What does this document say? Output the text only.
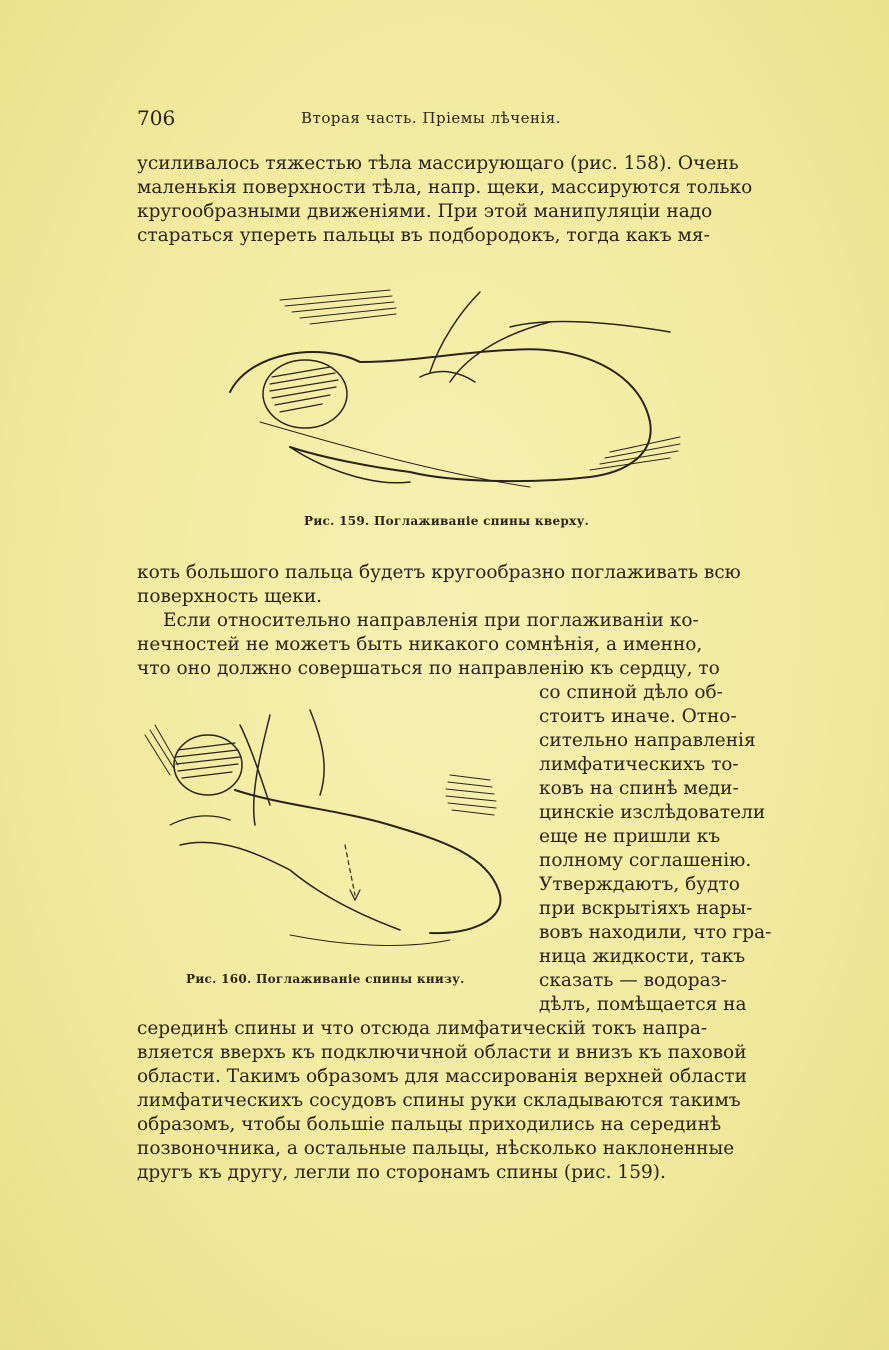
706	Вторая часть. Пріемы лѣченія.

усиливалось тяжестью тѣла массирующаго (рис. 158). Очень

маленькія поверхности тѣла, напр. щеки, массируются только

кругообразными движеніями. При этой манипуляціи надо

стараться упереть пальцы въ подбородокъ, тогда какъ мя-

Рис. 159. Поглаживаніе спины кверху.

коть большого пальца будетъ кругообразно поглаживать всю

поверхность щеки.

Если относительно направленія при поглаживаніи ко-

нечностей не можетъ быть никакого сомнѣнія, а именно,

что оно должно совершаться по направленію къ сердцу, то

Рис. 160. Поглаживаніе спины книзу.

со спиной дѣло об-

стоитъ иначе. Отно-

сительно направленія

лимфатическихъ то-

ковъ на спинѣ меди-

цинскіе изслѣдователи

еще не пришли къ

полному соглашенію.

Утверждаютъ, будто

при вскрытіяхъ нары-

вовъ находили, что гра-

ница жидкости, такъ

сказать — водораз-

дѣлъ, помѣщается на

серединѣ спины и что отсюда лимфатическій токъ напра-

вляется вверхъ къ подключичной области и внизъ къ паховой

области. Такимъ образомъ для массированія верхней области

лимфатическихъ сосудовъ спины руки складываются такимъ

образомъ, чтобы большіе пальцы приходились на серединѣ

позвоночника, а остальные пальцы, нѣсколько наклоненные

другъ къ другу, легли по сторонамъ спины (рис. 159).
